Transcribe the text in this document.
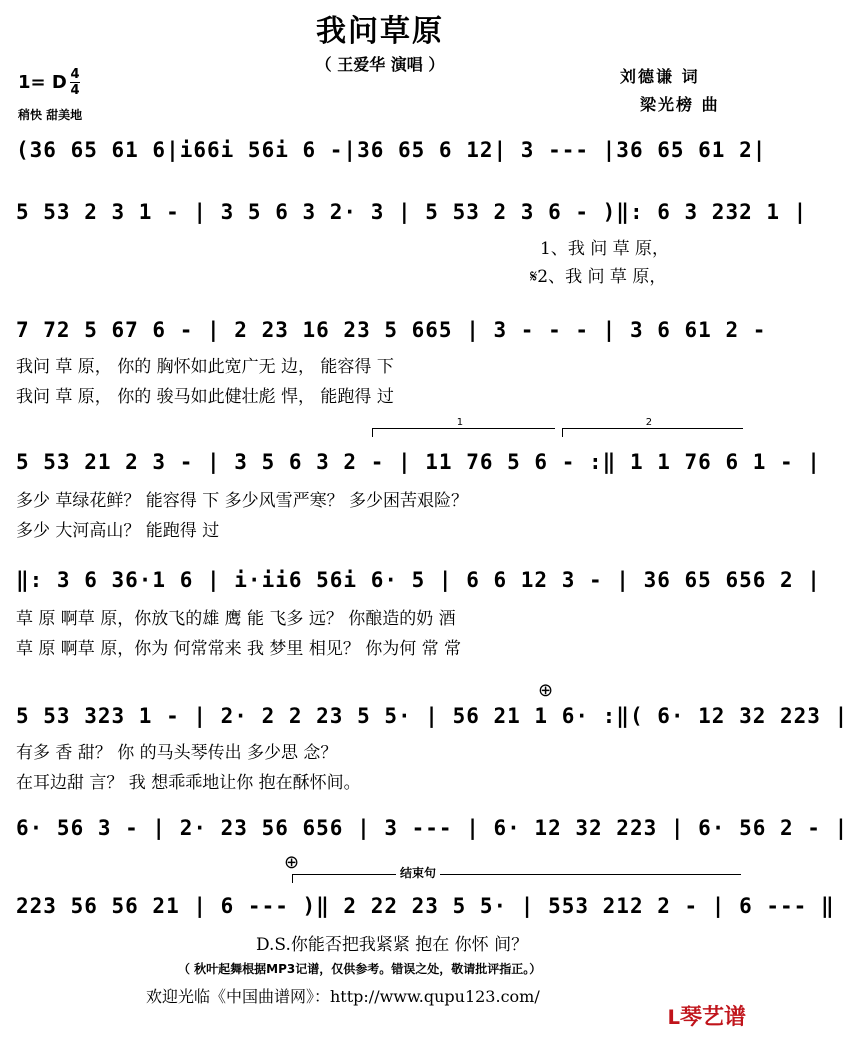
我问草原
（ 王爱华 演唱 ）
刘德谦 词
梁光榜 曲
1= D 4
4
稍快 甜美地
(36 65 61 6|i66i 56i 6 -|36 65 6 12| 3 --- |36 65 61 2|
5 53 2 3 1 - | 3 5 6 3 2· 3 | 5 53 2 3 6 - )‖: 6 3 232 1 |
1、我 问 草 原，
𝄋2、我 问 草 原，
7 72 5 67 6 - | 2 23 16 23 5 665 | 3 - - - | 3 6 61 2 -
我问 草 原， 你的 胸怀如此宽广无 边， 能容得 下
我问 草 原， 你的 骏马如此健壮彪 悍， 能跑得 过
1	2
5 53 21 2 3 - | 3 5 6 3 2 - | 11 76 5 6 - :‖ 1 1 76 6 1 - |
多少 草绿花鲜？ 能容得 下 多少风雪严寒？ 多少困苦艰险？
多少 大河高山？ 能跑得 过
‖: 3 6 36·1 6 | i·ii6 56i 6· 5 | 6 6 12 3 - | 36 65 656 2 |
草 原 啊草 原，你放飞的雄 鹰 能 飞多 远？ 你酿造的奶 酒
草 原 啊草 原，你为 何常常来 我 梦里 相见？ 你为何 常 常
⊕
5 53 323 1 - | 2· 2 2 23 5 5· | 56 21 1 6· :‖( 6· 12 32 223 |
有多 香 甜？ 你 的马头琴传出 多少思 念？
在耳边甜 言？ 我 想乖乖地让你 抱在酥怀间。
6· 56 3 - | 2· 23 56 656 | 3 --- | 6· 12 32 223 | 6· 56 2 - |
⊕	结束句
223 56 56 21 | 6 --- )‖ 2 22 23 5 5· | 553 212 2 - | 6 --- ‖
D.S.你能否把我紧紧 抱在 你怀 间？
（ 秋叶起舞根据MP3记谱，仅供参考。错误之处，敬请批评指正。）
欢迎光临《中国曲谱网》：http://www.qupu123.com/
ᒪ琴艺谱
